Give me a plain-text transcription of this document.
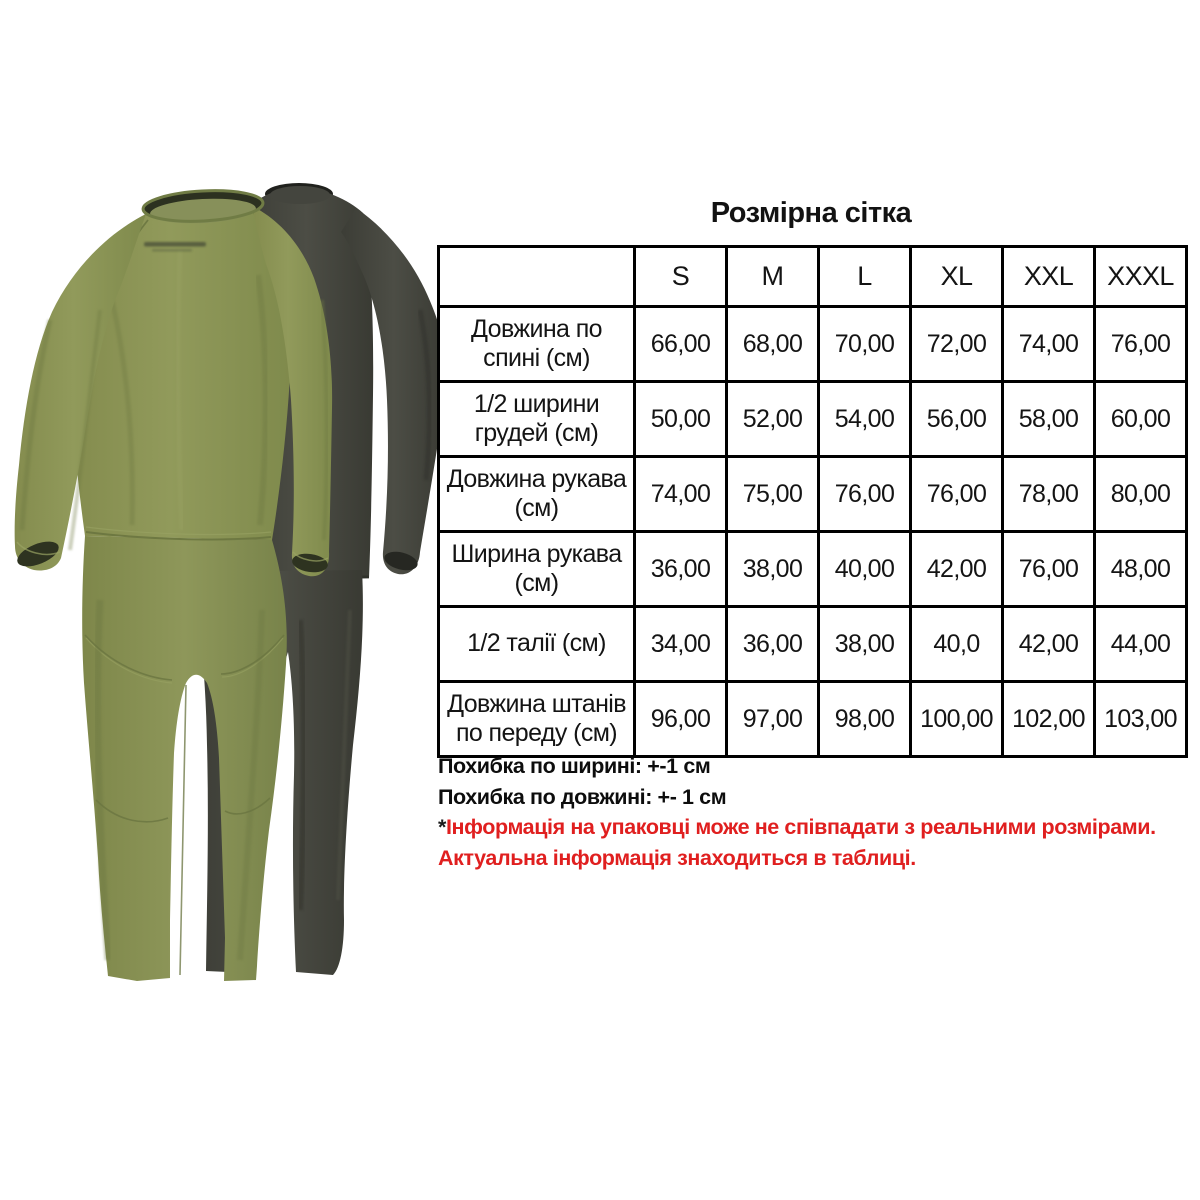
Розмірна сітка
	S	M	L	XL	XXL	XXXL
Довжина по спині (см)	66,00	68,00	70,00	72,00	74,00	76,00
1/2 ширини грудей (см)	50,00	52,00	54,00	56,00	58,00	60,00
Довжина рукава (см)	74,00	75,00	76,00	76,00	78,00	80,00
Ширина рукава (см)	36,00	38,00	40,00	42,00	76,00	48,00
1/2 талії (см)	34,00	36,00	38,00	40,0	42,00	44,00
Довжина штанів по переду (см)	96,00	97,00	98,00	100,00	102,00	103,00
Похибка по ширині: +-1 см
Похибка по довжині: +- 1 см
*Інформація на упаковці може не співпадати з реальними розмірами.
Актуальна інформація знаходиться в таблиці.
